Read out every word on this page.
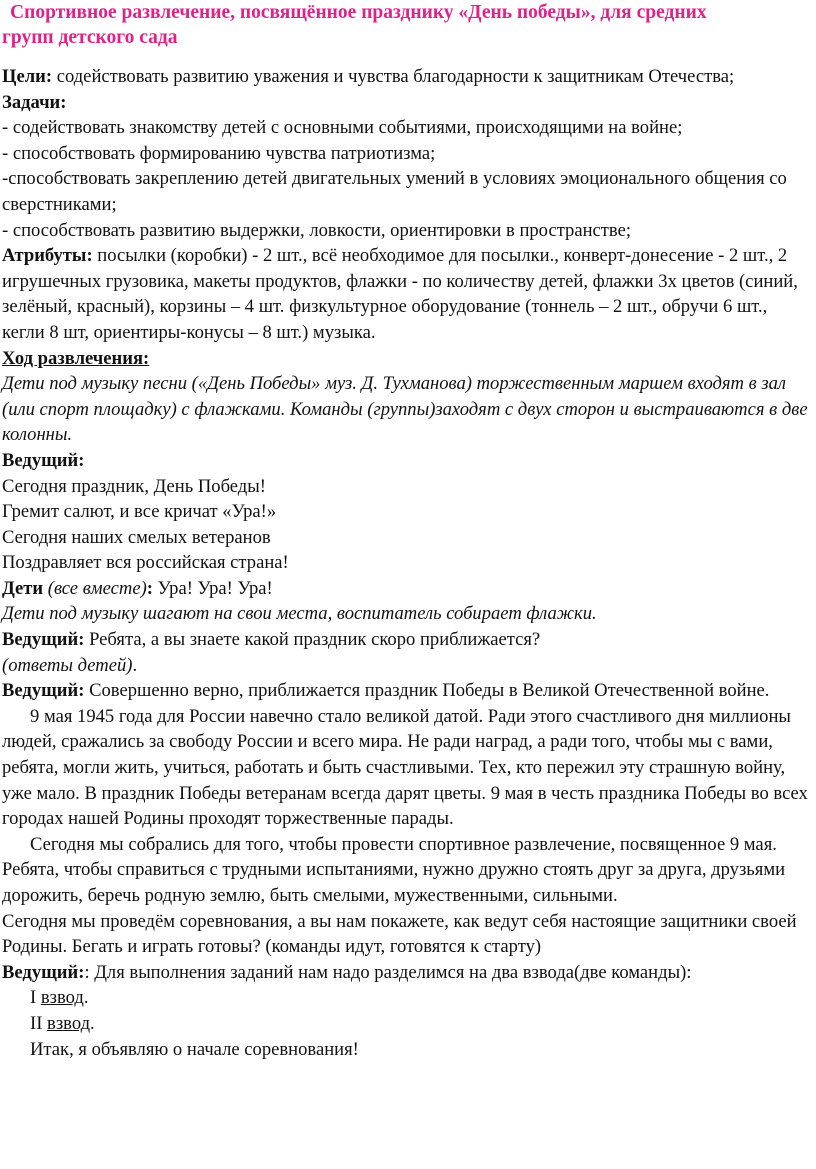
Спортивное развлечение, посвящённое празднику «День победы», для средних
групп детского сада

Цели: содействовать развитию уважения и чувства благодарности к защитникам Отечества;

Задачи:

- содействовать знакомству детей с основными событиями, происходящими на войне;

- способствовать формированию чувства патриотизма;

-способствовать закреплению детей двигательных умений в условиях эмоционального общения со сверстниками;

- способствовать развитию выдержки, ловкости, ориентировки в пространстве;

Атрибуты: посылки (коробки) - 2 шт., всё необходимое для посылки., конверт-донесение - 2 шт., 2 игрушечных грузовика, макеты продуктов, флажки - по количеству детей, флажки 3х цветов (синий, зелёный, красный), корзины – 4 шт. физкультурное оборудование (тоннель – 2 шт., обручи 6 шт., кегли 8 шт, ориентиры-конусы – 8 шт.) музыка.

Ход развлечения:

Дети под музыку песни («День Победы» муз. Д. Тухманова) торжественным маршем входят в зал (или спорт площадку) с флажками. Команды (группы)заходят с двух сторон и выстраиваются в две колонны.

Ведущий:

Сегодня праздник, День Победы!

Гремит салют, и все кричат «Ура!»

Сегодня наших смелых ветеранов

Поздравляет вся российская страна!

Дети (все вместе): Ура! Ура! Ура!

Дети под музыку шагают на свои места, воспитатель собирает флажки.

Ведущий: Ребята, а вы знаете какой праздник скоро приближается?

(ответы детей).

Ведущий: Совершенно верно, приближается праздник Победы в Великой Отечественной войне.

9 мая 1945 года для России навечно стало великой датой. Ради этого счастливого дня миллионы людей, сражались за свободу России и всего мира. Не ради наград, а ради того, чтобы мы с вами, ребята, могли жить, учиться, работать и быть счастливыми. Тех, кто пережил эту страшную войну, уже мало. В праздник Победы ветеранам всегда дарят цветы. 9 мая в честь праздника Победы во всех городах нашей Родины проходят торжественные парады.

Сегодня мы собрались для того, чтобы провести спортивное развлечение, посвященное 9 мая. Ребята, чтобы справиться с трудными испытаниями, нужно дружно стоять друг за друга, друзьями дорожить, беречь родную землю, быть смелыми, мужественными, сильными.

Сегодня мы проведём соревнования, а вы нам покажете, как ведут себя настоящие защитники своей Родины. Бегать и играть готовы? (команды идут, готовятся к старту)

Ведущий:: Для выполнения заданий нам надо разделимся на два взвода(две команды):

I взвод.

II взвод.

Итак, я объявляю о начале соревнования!
